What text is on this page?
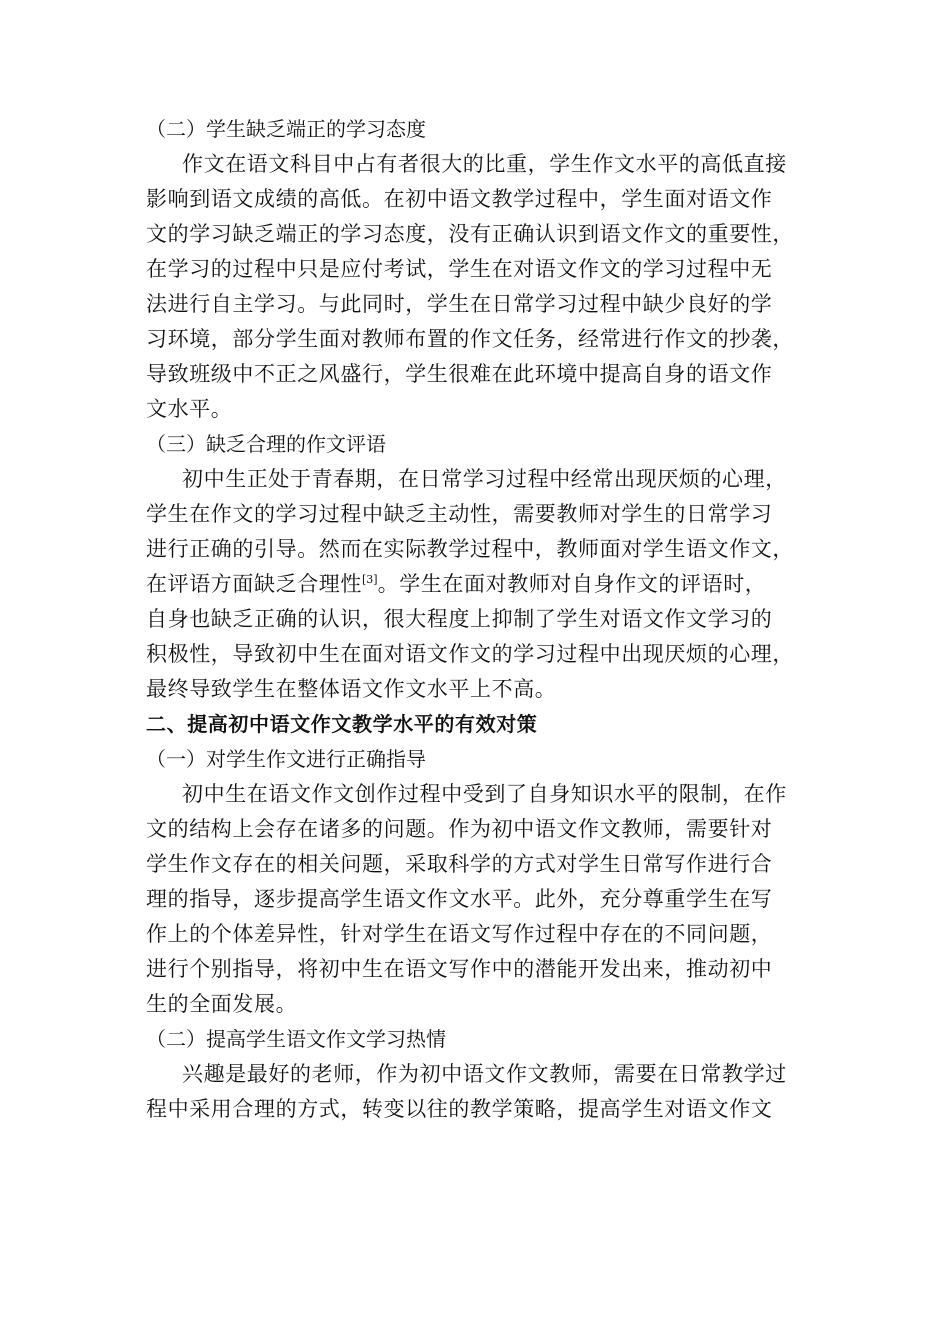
（二）学生缺乏端正的学习态度
作文在语文科目中占有者很大的比重，学生作文水平的高低直接
影响到语文成绩的高低。在初中语文教学过程中，学生面对语文作
文的学习缺乏端正的学习态度，没有正确认识到语文作文的重要性，
在学习的过程中只是应付考试，学生在对语文作文的学习过程中无
法进行自主学习。与此同时，学生在日常学习过程中缺少良好的学
习环境，部分学生面对教师布置的作文任务，经常进行作文的抄袭，
导致班级中不正之风盛行，学生很难在此环境中提高自身的语文作
文水平。
（三）缺乏合理的作文评语
初中生正处于青春期，在日常学习过程中经常出现厌烦的心理，
学生在作文的学习过程中缺乏主动性，需要教师对学生的日常学习
进行正确的引导。然而在实际教学过程中，教师面对学生语文作文，
在评语方面缺乏合理性[3]。学生在面对教师对自身作文的评语时，
自身也缺乏正确的认识，很大程度上抑制了学生对语文作文学习的
积极性，导致初中生在面对语文作文的学习过程中出现厌烦的心理，
最终导致学生在整体语文作文水平上不高。
二、提高初中语文作文教学水平的有效对策
（一）对学生作文进行正确指导
初中生在语文作文创作过程中受到了自身知识水平的限制，在作
文的结构上会存在诸多的问题。作为初中语文作文教师，需要针对
学生作文存在的相关问题，采取科学的方式对学生日常写作进行合
理的指导，逐步提高学生语文作文水平。此外，充分尊重学生在写
作上的个体差异性，针对学生在语文写作过程中存在的不同问题，
进行个别指导，将初中生在语文写作中的潜能开发出来，推动初中
生的全面发展。
（二）提高学生语文作文学习热情
兴趣是最好的老师，作为初中语文作文教师，需要在日常教学过
程中采用合理的方式，转变以往的教学策略，提高学生对语文作文
